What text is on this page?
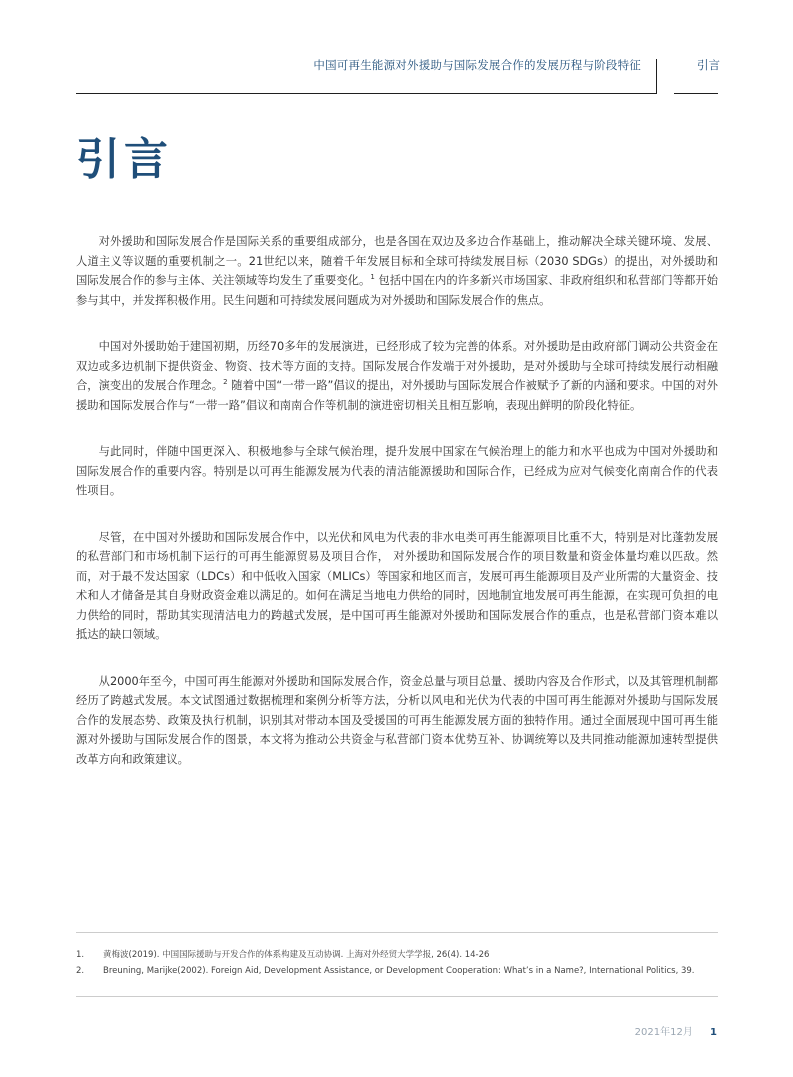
中国可再生能源对外援助与国际发展合作的发展历程与阶段特征	引言
引言

对外援助和国际发展合作是国际关系的重要组成部分，也是各国在双边及多边合作基础上，推动解决全球关键环境、发展、人道主义等议题的重要机制之一。21世纪以来，随着千年发展目标和全球可持续发展目标（2030 SDGs）的提出，对外援助和国际发展合作的参与主体、关注领域等均发生了重要变化。$^1$ 包括中国在内的许多新兴市场国家、非政府组织和私营部门等都开始参与其中，并发挥积极作用。民生问题和可持续发展问题成为对外援助和国际发展合作的焦点。

中国对外援助始于建国初期，历经70多年的发展演进，已经形成了较为完善的体系。对外援助是由政府部门调动公共资金在双边或多边机制下提供资金、物资、技术等方面的支持。国际发展合作发端于对外援助，是对外援助与全球可持续发展行动相融合，演变出的发展合作理念。$^2$ 随着中国“一带一路”倡议的提出，对外援助与国际发展合作被赋予了新的内涵和要求。中国的对外援助和国际发展合作与“一带一路”倡议和南南合作等机制的演进密切相关且相互影响，表现出鲜明的阶段化特征。

与此同时，伴随中国更深入、积极地参与全球气候治理，提升发展中国家在气候治理上的能力和水平也成为中国对外援助和国际发展合作的重要内容。特别是以可再生能源发展为代表的清洁能源援助和国际合作，已经成为应对气候变化南南合作的代表性项目。

尽管，在中国对外援助和国际发展合作中，以光伏和风电为代表的非水电类可再生能源项目比重不大，特别是对比蓬勃发展的私营部门和市场机制下运行的可再生能源贸易及项目合作， 对外援助和国际发展合作的项目数量和资金体量均难以匹敌。然而，对于最不发达国家（LDCs）和中低收入国家（MLICs）等国家和地区而言，发展可再生能源项目及产业所需的大量资金、技术和人才储备是其自身财政资金难以满足的。如何在满足当地电力供给的同时，因地制宜地发展可再生能源，在实现可负担的电力供给的同时，帮助其实现清洁电力的跨越式发展，是中国可再生能源对外援助和国际发展合作的重点，也是私营部门资本难以抵达的缺口领域。

从2000年至今，中国可再生能源对外援助和国际发展合作，资金总量与项目总量、援助内容及合作形式，以及其管理机制都经历了跨越式发展。本文试图通过数据梳理和案例分析等方法，分析以风电和光伏为代表的中国可再生能源对外援助与国际发展合作的发展态势、政策及执行机制，识别其对带动本国及受援国的可再生能源发展方面的独特作用。通过全面展现中国可再生能源对外援助与国际发展合作的图景，本文将为推动公共资金与私营部门资本优势互补、协调统筹以及共同推动能源加速转型提供改革方向和政策建议。

1.	黄梅波(2019). 中国国际援助与开发合作的体系构建及互动协调. 上海对外经贸大学学报, 26(4). 14-26
2.	Breuning, Marijke(2002). Foreign Aid, Development Assistance, or Development Cooperation: What’s in a Name?, International Politics, 39.
2021年12月 1
